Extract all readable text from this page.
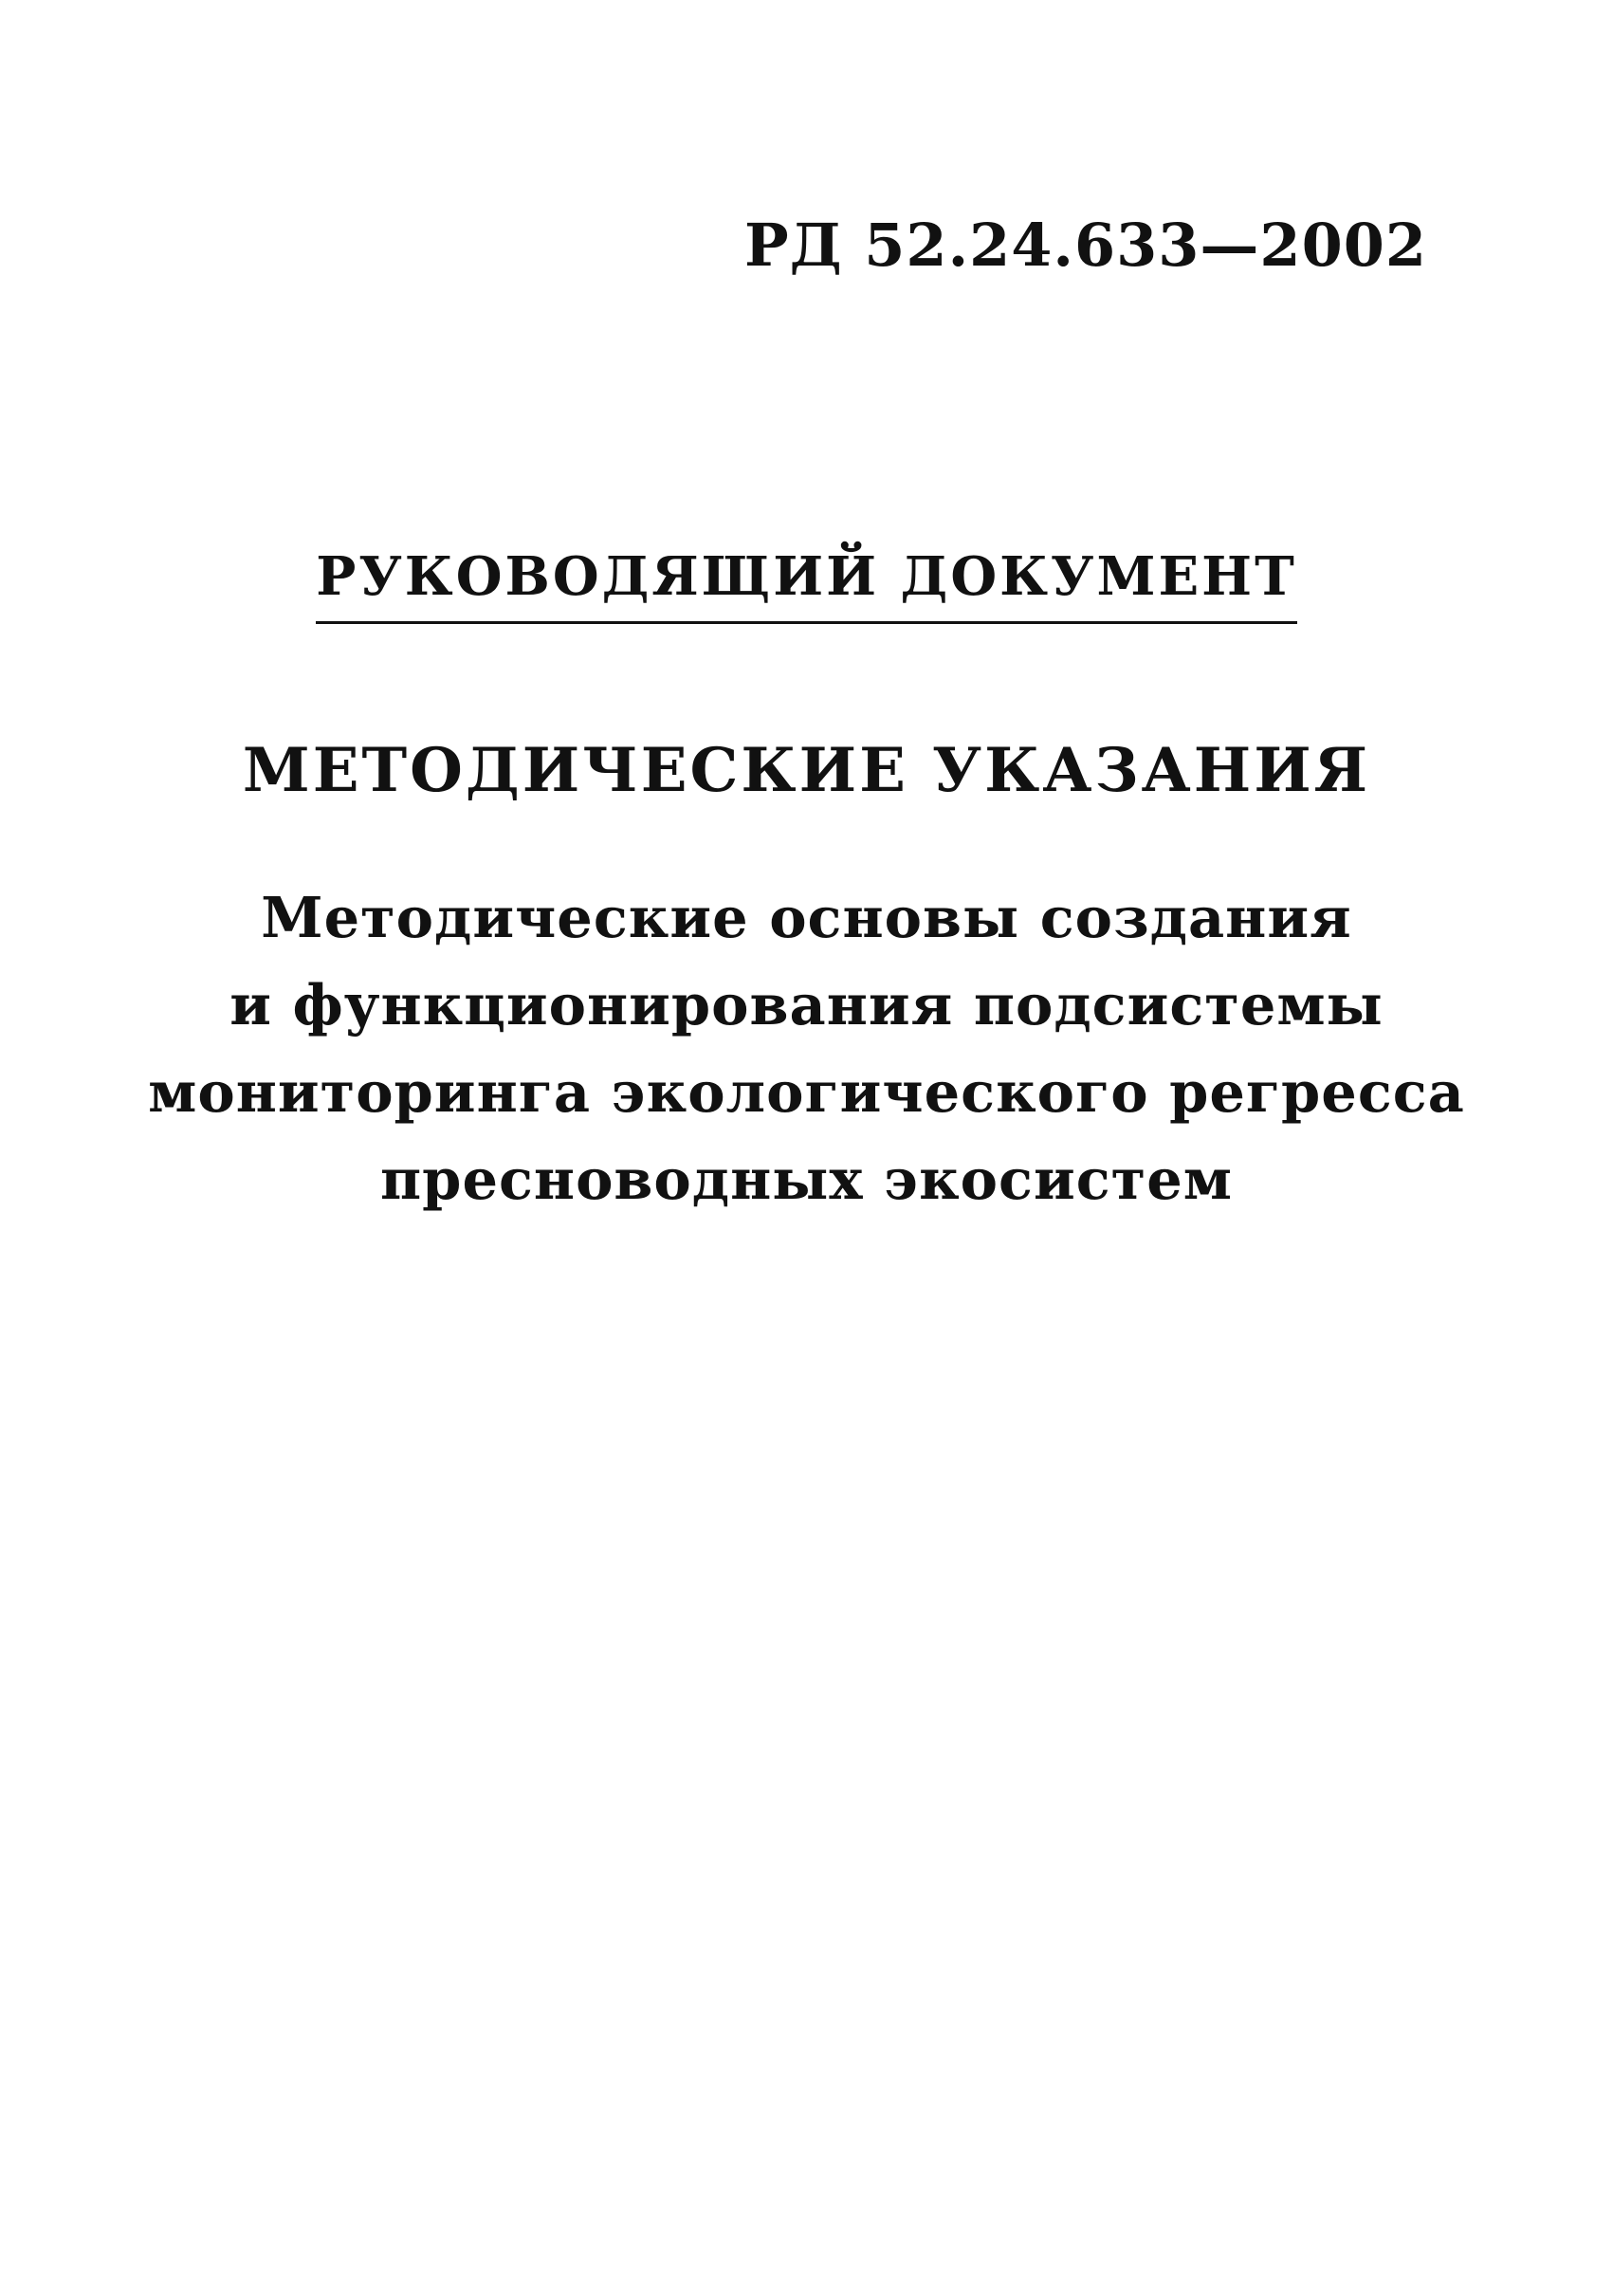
РД 52.24.633—2002
РУКОВОДЯЩИЙ ДОКУМЕНТ
МЕТОДИЧЕСКИЕ УКАЗАНИЯ
Методические основы создания
и функционирования подсистемы
мониторинга экологического регресса
пресноводных экосистем
